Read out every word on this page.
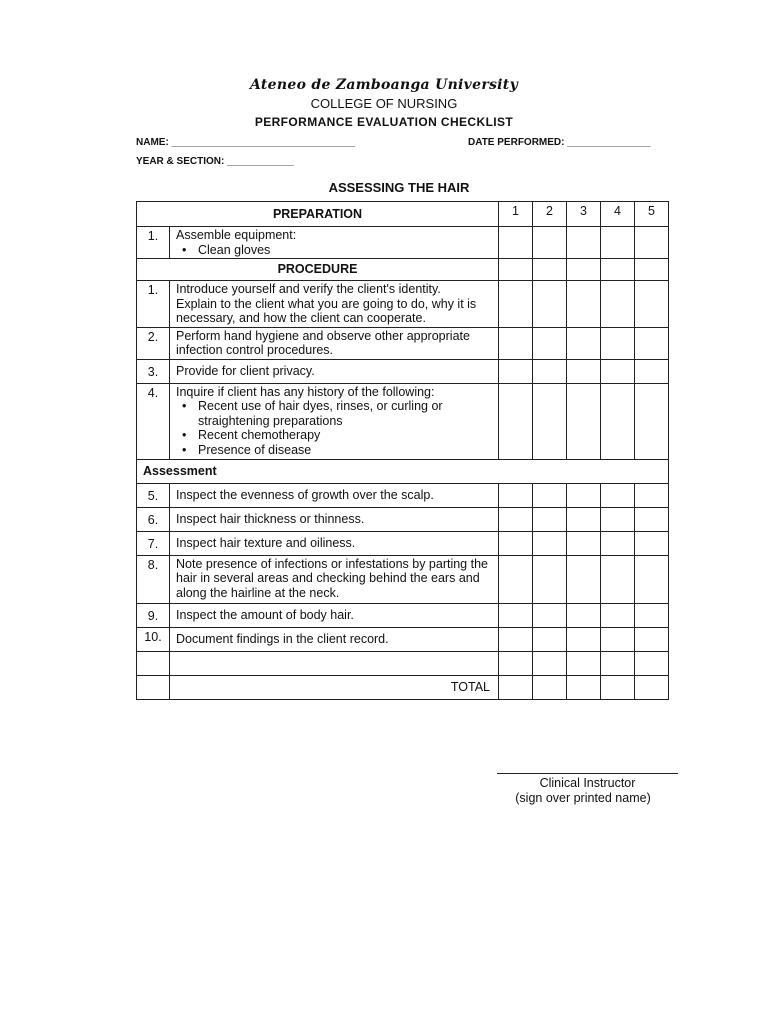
Ateneo de Zamboanga University
COLLEGE OF NURSING
PERFORMANCE EVALUATION CHECKLIST
NAME: _________________________________	DATE PERFORMED: _______________
YEAR & SECTION: ____________
ASSESSING THE HAIR
PREPARATION		1	2	3	4	5
1.	Assemble equipment:
• Clean gloves

PROCEDURE						
1.	Introduce yourself and verify the client's identity.
Explain to the client what you are going to do, why it is necessary, and how the client can cooperate.					

2.	Perform hand hygiene and observe other appropriate infection control procedures.					
3.	Provide for client privacy.					
4.	Inquire if client has any history of the following:
• Recent use of hair dyes, rinses, or curling or straightening preparations
• Recent chemotherapy
• Presence of disease

Assessment						
5.	Inspect the evenness of growth over the scalp.					
6.	Inspect hair thickness or thinness.					
7.	Inspect hair texture and oiliness.					
8.	Note presence of infections or infestations by parting the hair in several areas and checking behind the ears and along the hairline at the neck.					
9.	Inspect the amount of body hair.					
10.	Document findings in the client record.					

	TOTAL					
Clinical Instructor
(sign over printed name)
